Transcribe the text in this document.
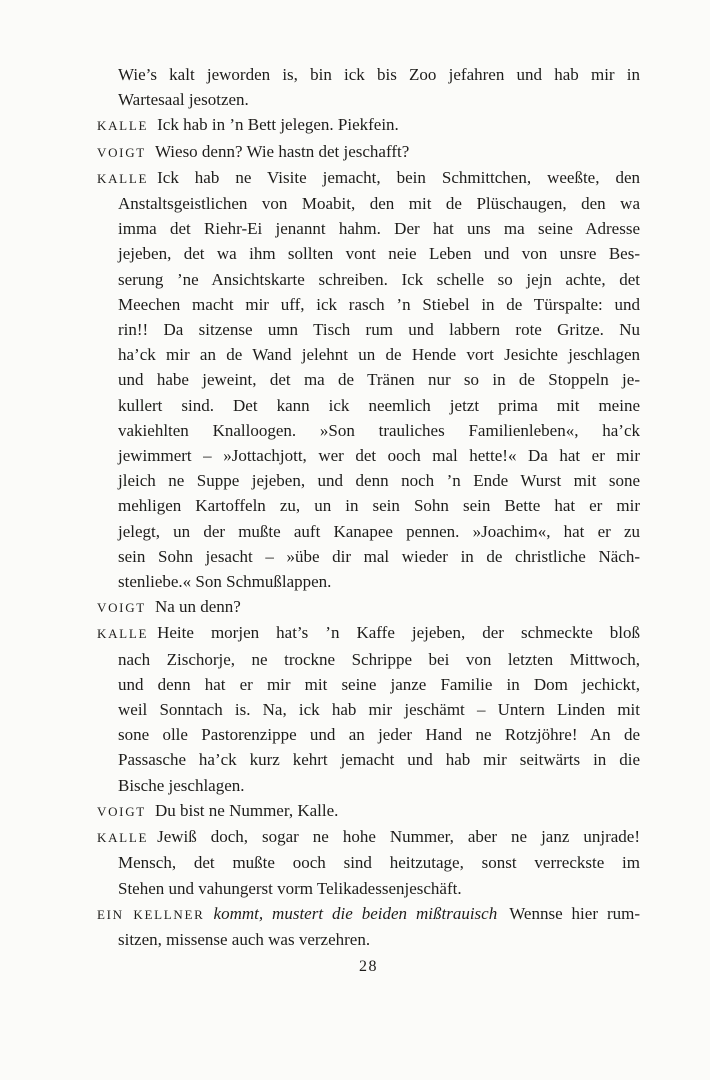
Wie’s kalt jeworden is, bin ick bis Zoo jefahren und hab mir in
Wartesaal jesotzen.
KALLE Ick hab in ’n Bett jelegen. Piekfein.
VOIGT Wieso denn? Wie hastn det jeschafft?
KALLE Ick hab ne Visite jemacht, bein Schmittchen, weeßte, den
Anstaltsgeistlichen von Moabit, den mit de Plüschaugen, den wa
imma det Riehr-Ei jenannt hahm. Der hat uns ma seine Adresse
jejeben, det wa ihm sollten vont neie Leben und von unsre Bes-
serung ’ne Ansichtskarte schreiben. Ick schelle so jejn achte, det
Meechen macht mir uff, ick rasch ’n Stiebel in de Türspalte: und
rin!! Da sitzense umn Tisch rum und labbern rote Gritze. Nu
ha’ck mir an de Wand jelehnt un de Hende vort Jesichte jeschlagen
und habe jeweint, det ma de Tränen nur so in de Stoppeln je-
kullert sind. Det kann ick neemlich jetzt prima mit meine
vakiehlten Knalloogen. »Son trauliches Familienleben«, ha’ck
jewimmert – »Jottachjott, wer det ooch mal hette!« Da hat er mir
jleich ne Suppe jejeben, und denn noch ’n Ende Wurst mit sone
mehligen Kartoffeln zu, un in sein Sohn sein Bette hat er mir
jelegt, un der mußte auft Kanapee pennen. »Joachim«, hat er zu
sein Sohn jesacht – »übe dir mal wieder in de christliche Näch-
stenliebe.« Son Schmußlappen.
VOIGT Na un denn?
KALLE Heite morjen hat’s ’n Kaffe jejeben, der schmeckte bloß
nach Zischorje, ne trockne Schrippe bei von letzten Mittwoch,
und denn hat er mir mit seine janze Familie in Dom jechickt,
weil Sonntach is. Na, ick hab mir jeschämt – Untern Linden mit
sone olle Pastorenzippe und an jeder Hand ne Rotzjöhre! An de
Passasche ha’ck kurz kehrt jemacht und hab mir seitwärts in die
Bische jeschlagen.
VOIGT Du bist ne Nummer, Kalle.
KALLE Jewiß doch, sogar ne hohe Nummer, aber ne janz unjrade!
Mensch, det mußte ooch sind heitzutage, sonst verreckste im
Stehen und vahungerst vorm Telikadessenjeschäft.
EIN KELLNER kommt, mustert die beiden mißtrauisch Wennse hier rum-
sitzen, missense auch was verzehren.
28
